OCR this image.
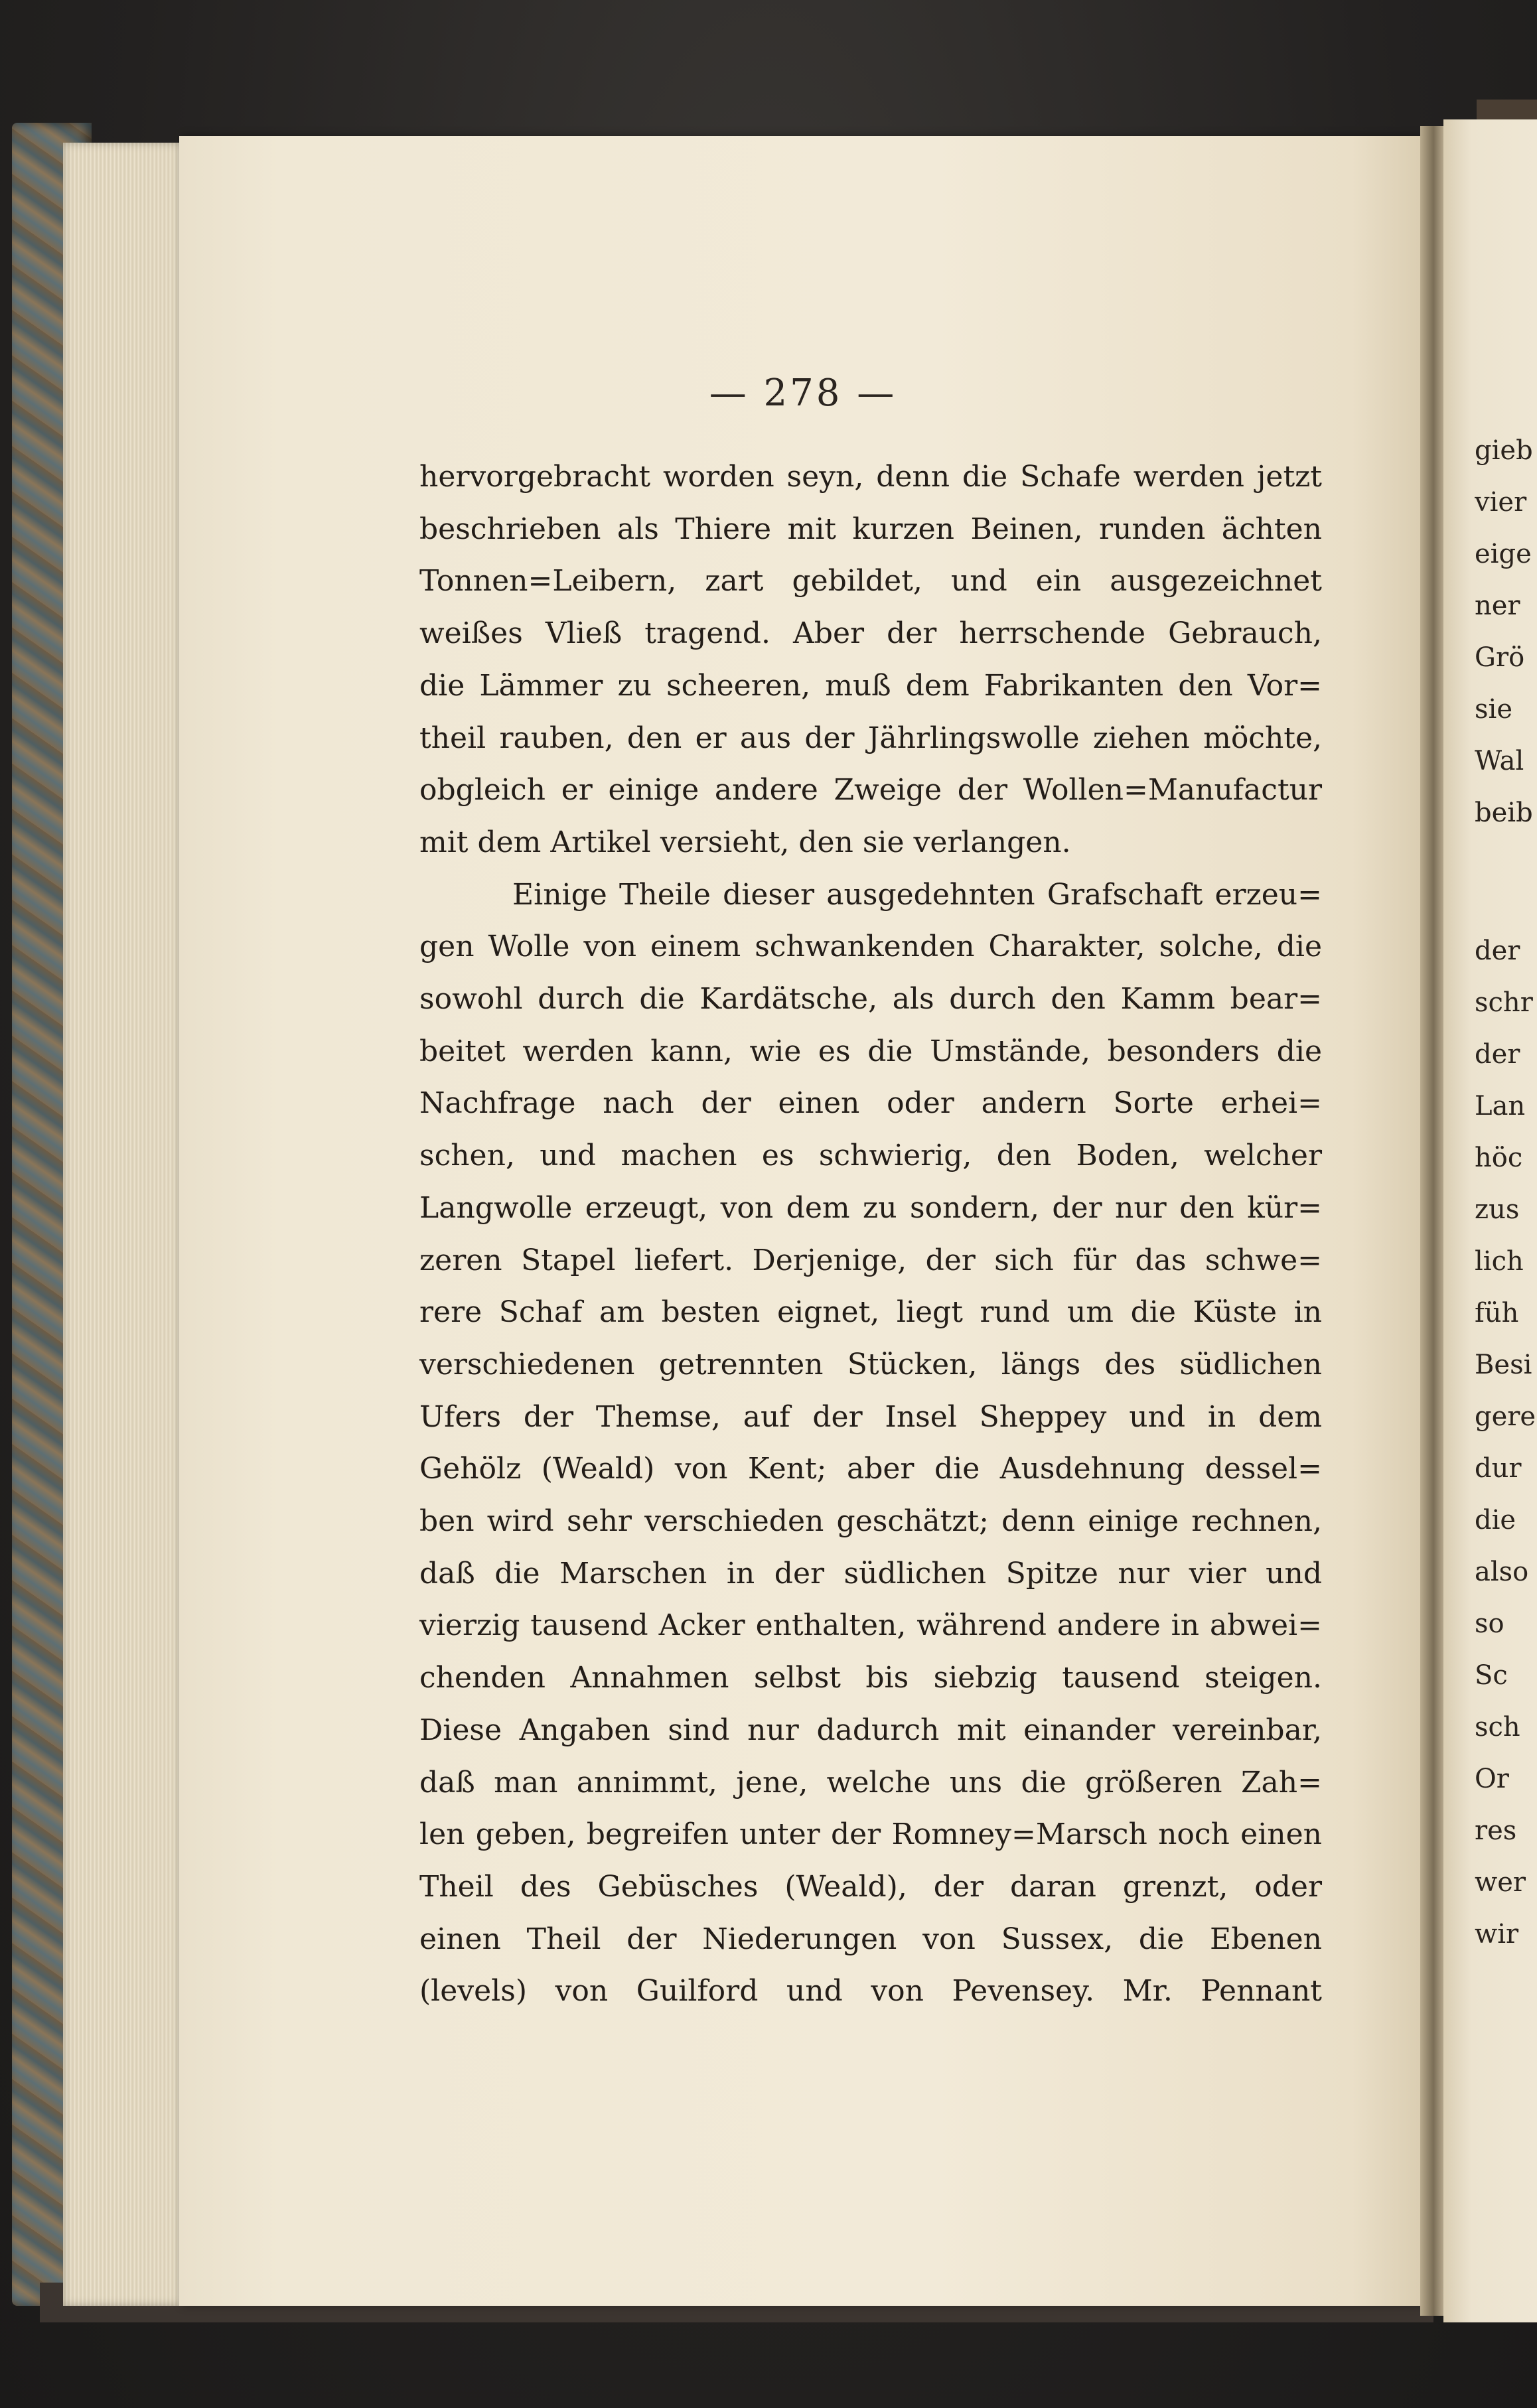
— 278 —

hervorgebracht worden seyn, denn die Schafe werden jetzt

beschrieben als Thiere mit kurzen Beinen, runden ächten

Tonnen=Leibern, zart gebildet, und ein ausgezeichnet

weißes Vließ tragend. Aber der herrschende Gebrauch,

die Lämmer zu scheeren, muß dem Fabrikanten den Vor=

theil rauben, den er aus der Jährlingswolle ziehen möchte,

obgleich er einige andere Zweige der Wollen=Manufactur

mit dem Artikel versieht, den sie verlangen.

Einige Theile dieser ausgedehnten Grafschaft erzeu=

gen Wolle von einem schwankenden Charakter, solche, die

sowohl durch die Kardätsche, als durch den Kamm bear=

beitet werden kann, wie es die Umstände, besonders die

Nachfrage nach der einen oder andern Sorte erhei=

schen, und machen es schwierig, den Boden, welcher

Langwolle erzeugt, von dem zu sondern, der nur den kür=

zeren Stapel liefert. Derjenige, der sich für das schwe=

rere Schaf am besten eignet, liegt rund um die Küste in

verschiedenen getrennten Stücken, längs des südlichen

Ufers der Themse, auf der Insel Sheppey und in dem

Gehölz (Weald) von Kent; aber die Ausdehnung dessel=

ben wird sehr verschieden geschätzt; denn einige rechnen,

daß die Marschen in der südlichen Spitze nur vier und

vierzig tausend Acker enthalten, während andere in abwei=

chenden Annahmen selbst bis siebzig tausend steigen.

Diese Angaben sind nur dadurch mit einander vereinbar,

daß man annimmt, jene, welche uns die größeren Zah=

len geben, begreifen unter der Romney=Marsch noch einen

Theil des Gebüsches (Weald), der daran grenzt, oder

einen Theil der Niederungen von Sussex, die Ebenen

(levels) von Guilford und von Pevensey. Mr. Pennant

gieb
vier
eige
ner
Grö
sie
Wal
beib
der
schr
der
Lan
höc
zus
lich
füh
Besi
gere
dur
die
also
so
Sc
sch
Or
res
wer
wir
